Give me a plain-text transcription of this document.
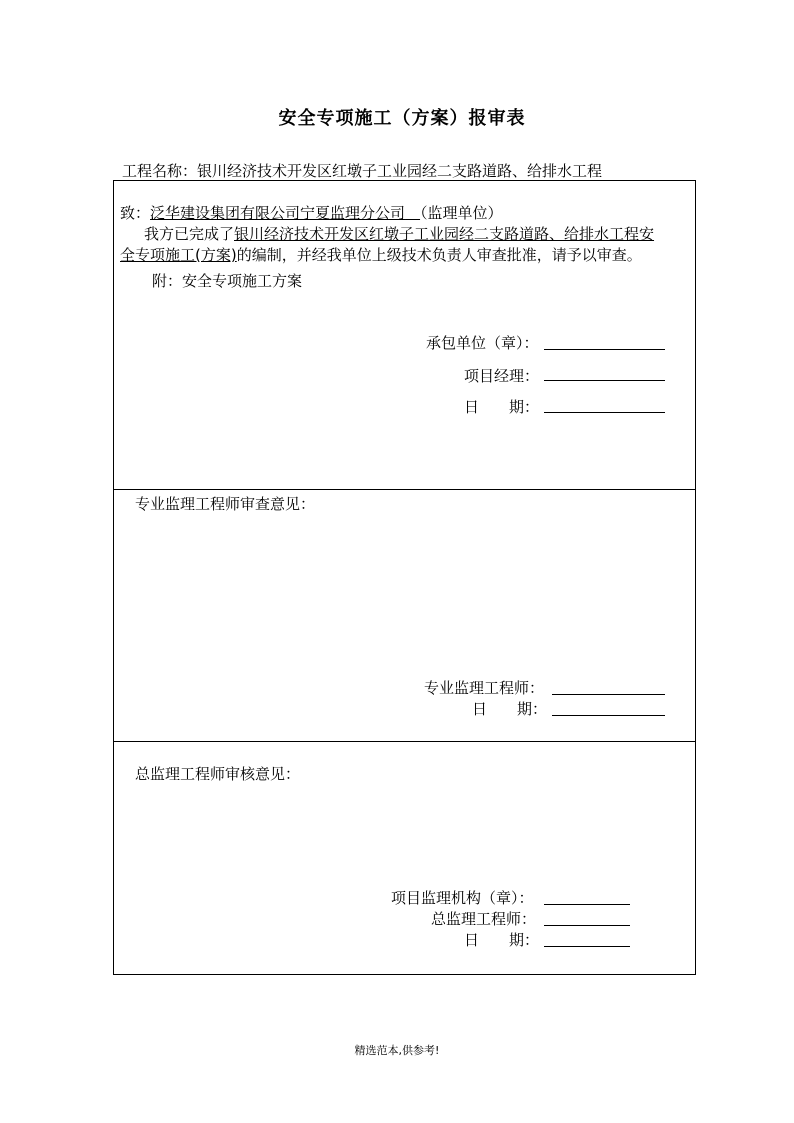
安全专项施工（方案）报审表
工程名称：银川经济技术开发区红墩子工业园经二支路道路、给排水工程
致：泛华建设集团有限公司宁夏监理分公司　 （监理单位）
我方已完成了银川经济技术开发区红墩子工业园经二支路道路、给排水工程安
全专项施工(方案)的编制，并经我单位上级技术负责人审查批准，请予以审查。
附：安全专项施工方案
承包单位（章）：
项目经理：
日　　期：
专业监理工程师审查意见：
专业监理工程师：
日　　期：
总监理工程师审核意见：
项目监理机构（章）：
总监理工程师：
日　　期：
精选范本,供参考!
